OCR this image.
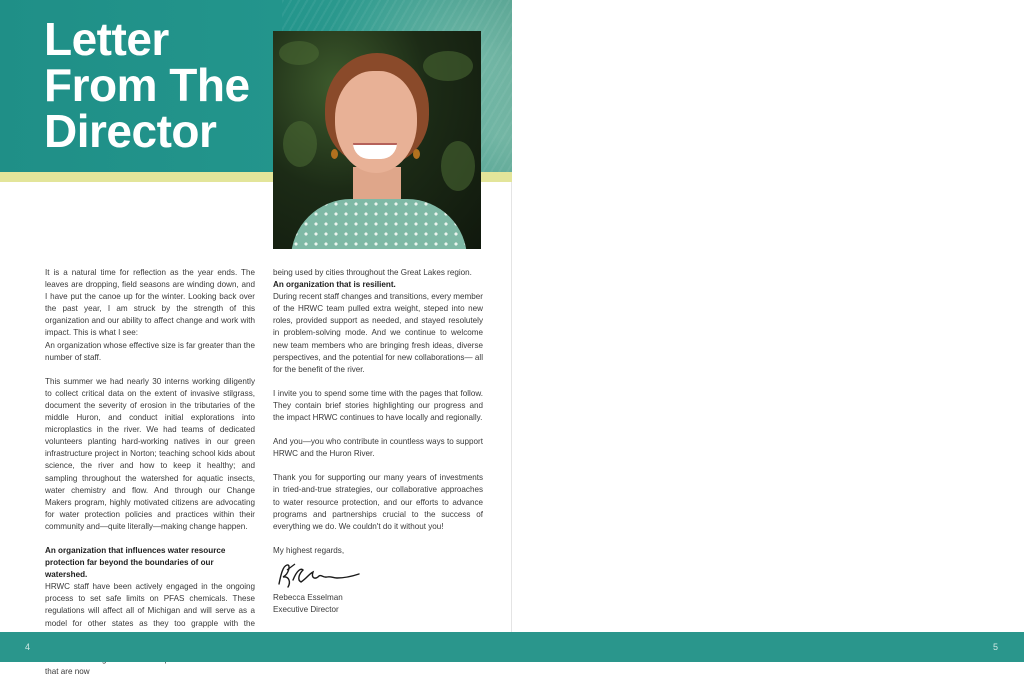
Letter
From The
Director

It is a natural time for reflection as the year ends. The leaves are dropping, field seasons are winding down, and I have put the canoe up for the winter. Looking back over the past year, I am struck by the strength of this organization and our ability to affect change and work with impact. This is what I see:

An organization whose effective size is far greater than the number of staff.

This summer we had nearly 30 interns working diligently to collect critical data on the extent of invasive stilgrass, document the severity of erosion in the tributaries of the middle Huron, and conduct initial explorations into microplastics in the river. We had teams of dedicated volunteers planting hard-working natives in our green infrastructure project in Norton; teaching school kids about science, the river and how to keep it healthy; and sampling throughout the watershed for aquatic insects, water chemistry and flow. And through our Change Makers program, highly motivated citizens are advocating for water protection policies and practices within their community and—quite literally—making change happen.

An organization that influences water resource protection far beyond the boundaries of our watershed.

HRWC staff have been actively engaged in the ongoing process to set safe limits on PFAS chemicals. These regulations will affect all of Michigan and will serve as a model for other states as they too grapple with the that are now

being used by cities throughout the Great Lakes region.

An organization that is resilient.

During recent staff changes and transitions, every member of the HRWC team pulled extra weight, steped into new roles, provided support as needed, and stayed resolutely in problem-solving mode. And we continue to welcome new team members who are bringing fresh ideas, diverse perspectives, and the potential for new collaborations— all for the benefit of the river.

I invite you to spend some time with the pages that follow. They contain brief stories highlighting our progress and the impact HRWC continues to have locally and regionally.

And you—you who contribute in countless ways to support HRWC and the Huron River.

Thank you for supporting our many years of investments in tried-and-true strategies, our collaborative approaches to water resource protection, and our efforts to advance programs and partnerships crucial to the success of everything we do. We couldn't do it without you!

My highest regards,

Rebecca Esselman

Executive Director

4	5
